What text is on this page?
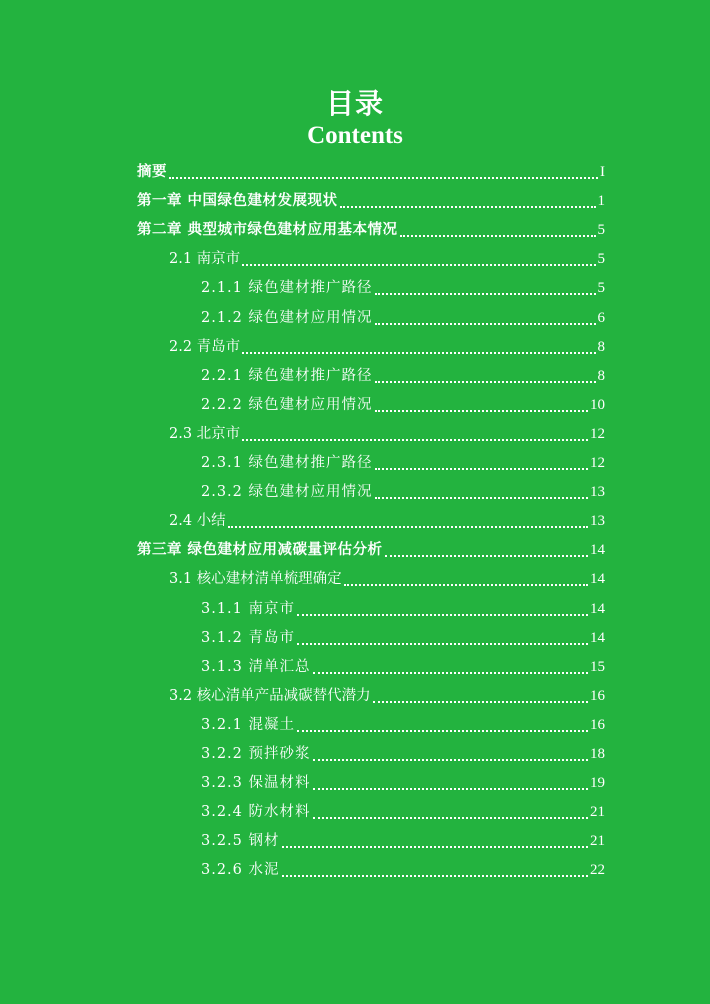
目录
Contents
摘要	I
第一章 中国绿色建材发展现状	1
第二章 典型城市绿色建材应用基本情况	5
2.1 南京市	5
2.1.1 绿色建材推广路径	5
2.1.2 绿色建材应用情况	6
2.2 青岛市	8
2.2.1 绿色建材推广路径	8
2.2.2 绿色建材应用情况	10
2.3 北京市	12
2.3.1 绿色建材推广路径	12
2.3.2 绿色建材应用情况	13
2.4 小结	13
第三章 绿色建材应用减碳量评估分析	14
3.1 核心建材清单梳理确定	14
3.1.1 南京市	14
3.1.2 青岛市	14
3.1.3 清单汇总	15
3.2 核心清单产品减碳替代潜力	16
3.2.1 混凝土	16
3.2.2 预拌砂浆	18
3.2.3 保温材料	19
3.2.4 防水材料	21
3.2.5 钢材	21
3.2.6 水泥	22
